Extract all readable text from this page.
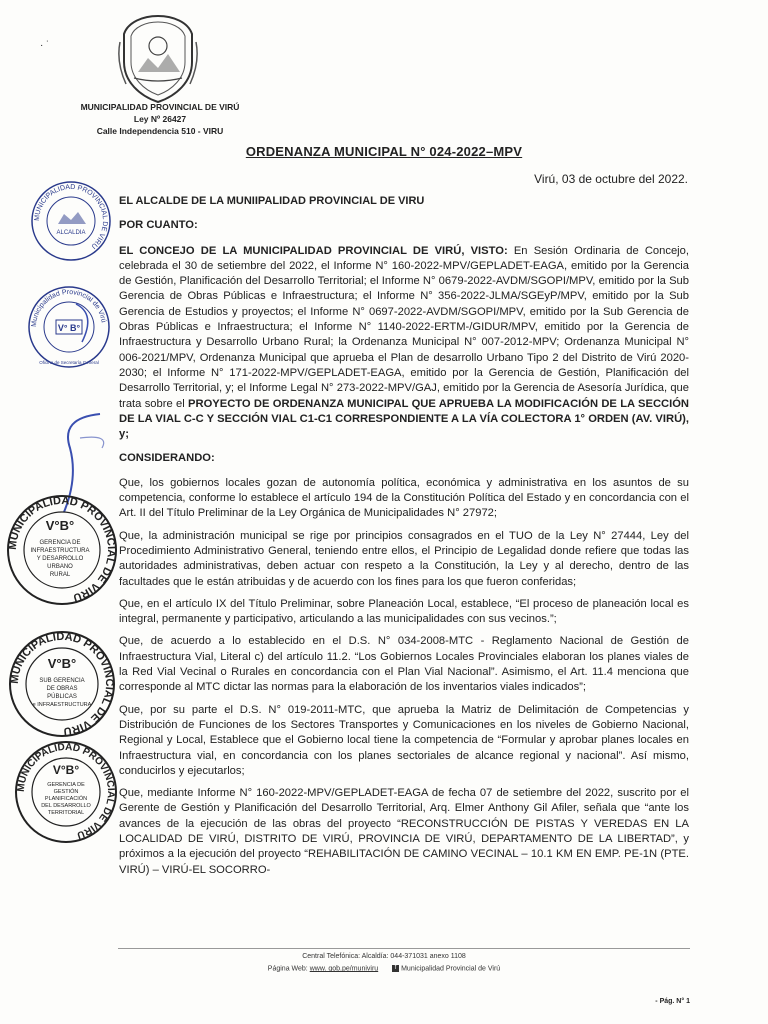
· ˙
MUNICIPALIDAD PROVINCIAL DE VIRÚ
Ley Nº 26427
Calle Independencia 510 - VIRU
ORDENANZA MUNICIPAL N° 024-2022–MPV
Virú, 03 de octubre del 2022.

EL ALCALDE DE LA MUNIIPALIDAD PROVINCIAL DE VIRU

POR CUANTO:

EL CONCEJO DE LA MUNICIPALIDAD PROVINCIAL DE VIRÚ, VISTO: En Sesión Ordinaria de Concejo, celebrada el 30 de setiembre del 2022, el Informe N° 160-2022-MPV/GEPLADET-EAGA, emitido por la Gerencia de Gestión, Planificación del Desarrollo Territorial; el Informe N° 0679-2022-AVDM/SGOPI/MPV, emitido por la Sub Gerencia de Obras Públicas e Infraestructura; el Informe N° 356-2022-JLMA/SGEyP/MPV, emitido por la Sub Gerencia de Estudios y proyectos; el Informe N° 0697-2022-AVDM/SGOPI/MPV, emitido por la Sub Gerencia de Obras Públicas e Infraestructura; el Informe N° 1140-2022-ERTM-/GIDUR/MPV, emitido por la Gerencia de Infraestructura y Desarrollo Urbano Rural; la Ordenanza Municipal N° 007-2012-MPV; Ordenanza Municipal N° 006-2021/MPV, Ordenanza Municipal que aprueba el Plan de desarrollo Urbano Tipo 2 del Distrito de Virú 2020-2030; el Informe N° 171-2022-MPV/GEPLADET-EAGA, emitido por la Gerencia de Gestión, Planificación del Desarrollo Territorial, y; el Informe Legal N° 273-2022-MPV/GAJ, emitido por la Gerencia de Asesoría Jurídica, que trata sobre el PROYECTO DE ORDENANZA MUNICIPAL QUE APRUEBA LA MODIFICACIÓN DE LA SECCIÓN DE LA VIAL C-C Y SECCIÓN VIAL C1-C1 CORRESPONDIENTE A LA VÍA COLECTORA 1° ORDEN (AV. VIRÚ), y;

CONSIDERANDO:

Que, los gobiernos locales gozan de autonomía política, económica y administrativa en los asuntos de su competencia, conforme lo establece el artículo 194 de la Constitución Política del Estado y en concordancia con el Art. II del Título Preliminar de la Ley Orgánica de Municipalidades N° 27972;

Que, la administración municipal se rige por principios consagrados en el TUO de la Ley N° 27444, Ley del Procedimiento Administrativo General, teniendo entre ellos, el Principio de Legalidad donde refiere que todas las autoridades administrativas, deben actuar con respeto a la Constitución, la Ley y al derecho, dentro de las facultades que le están atribuidas y de acuerdo con los fines para los que fueron conferidas;

Que, en el artículo IX del Título Preliminar, sobre Planeación Local, establece, “El proceso de planeación local es integral, permanente y participativo, articulando a las municipalidades con sus vecinos.”;

Que, de acuerdo a lo establecido en el D.S. N° 034-2008-MTC - Reglamento Nacional de Gestión de Infraestructura Vial, Literal c) del artículo 11.2. “Los Gobiernos Locales Provinciales elaboran los planes viales de la Red Vial Vecinal o Rurales en concordancia con el Plan Vial Nacional”. Asimismo, el Art. 11.4 menciona que corresponde al MTC dictar las normas para la elaboración de los inventarios viales indicados”;

Que, por su parte el D.S. N° 019-2011-MTC, que aprueba la Matriz de Delimitación de Competencias y Distribución de Funciones de los Sectores Transportes y Comunicaciones en los niveles de Gobierno Nacional, Regional y Local, Establece que el Gobierno local tiene la competencia de “Formular y aprobar planes locales en Infraestructura vial, en concordancia con los planes sectoriales de alcance regional y nacional”. Así mismo, conducirlos y ejecutarlos;

Que, mediante Informe N° 160-2022-MPV/GEPLADET-EAGA de fecha 07 de setiembre del 2022, suscrito por el Gerente de Gestión y Planificación del Desarrollo Territorial, Arq. Elmer Anthony Gil Afiler, señala que “ante los avances de la ejecución de las obras del proyecto “RECONSTRUCCIÓN DE PISTAS Y VEREDAS EN LA LOCALIDAD DE VIRÚ, DISTRITO DE VIRÚ, PROVINCIA DE VIRÚ, DEPARTAMENTO DE LA LIBERTAD”, y próximos a la ejecución del proyecto “REHABILITACIÓN DE CAMINO VECINAL – 10.1 KM EN EMP. PE-1N (PTE. VIRÚ) – VIRÚ-EL SOCORRO-

MUNICIPALIDAD PROVINCIAL DE VIRU
ALCALDIA
Municipalidad Provincial de Virú
V° B°
Oficina de Secretaría General
MUNICIPALIDAD PROVINCIAL DE VIRU
V°B°
GERENCIA DE
INFRAESTRUCTURA
Y DESARROLLO
URBANO
RURAL
MUNICIPALIDAD PROVINCIAL DE VIRU
V°B°
SUB GERENCIA
DE OBRAS
PÚBLICAS
e INFRAESTRUCTURA
MUNICIPALIDAD PROVINCIAL DE VIRU
V°B°
GERENCIA DE
GESTIÓN
PLANIFICACIÓN
DEL DESARROLLO
TERRITORIAL
Central Telefónica: Alcaldía: 044-371031 anexo 1108
Página Web: www. gob.pe/muniviru	f Municipalidad Provincial de Virú
- Pág. N° 1
